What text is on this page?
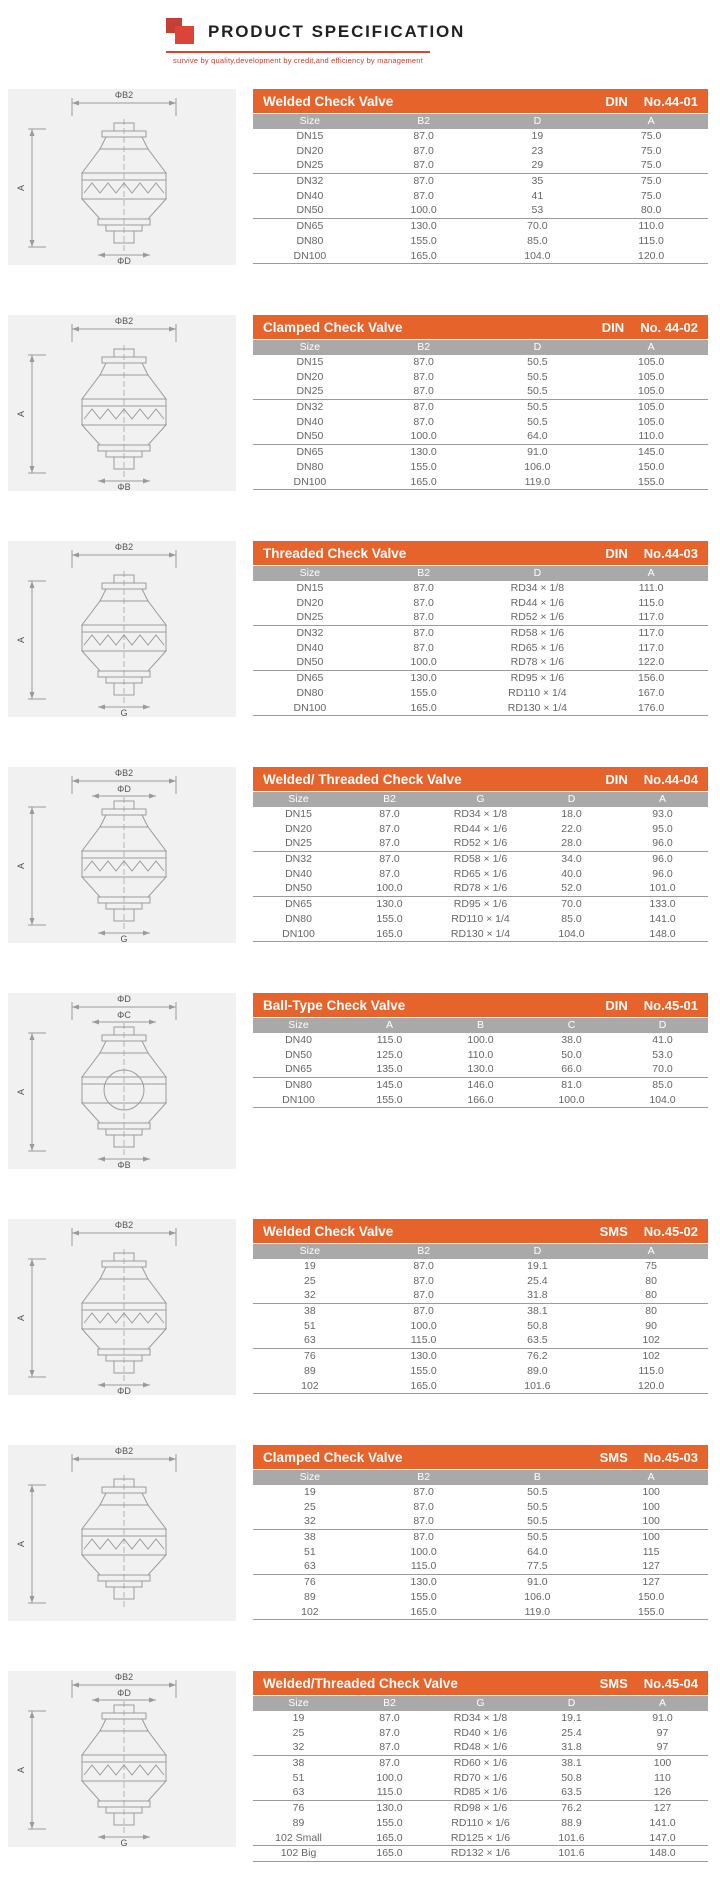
PRODUCT SPECIFICATION
survive by quality,development by credit,and efficiency by management
ΦB2
A
ΦD
Welded Check Valve	DIN No.44-01
Size	B2	D	A
DN15	87.0	19	75.0
DN20	87.0	23	75.0
DN25	87.0	29	75.0
DN32	87.0	35	75.0
DN40	87.0	41	75.0
DN50	100.0	53	80.0
DN65	130.0	70.0	110.0
DN80	155.0	85.0	115.0
DN100	165.0	104.0	120.0
ΦB2
A
ΦB
Clamped Check Valve	DIN No. 44-02
Size	B2	D	A
DN15	87.0	50.5	105.0
DN20	87.0	50.5	105.0
DN25	87.0	50.5	105.0
DN32	87.0	50.5	105.0
DN40	87.0	50.5	105.0
DN50	100.0	64.0	110.0
DN65	130.0	91.0	145.0
DN80	155.0	106.0	150.0
DN100	165.0	119.0	155.0
ΦB2
A
G
Threaded Check Valve	DIN No.44-03
Size	B2	D	A
DN15	87.0	RD34 × 1/8	111.0
DN20	87.0	RD44 × 1/6	115.0
DN25	87.0	RD52 × 1/6	117.0
DN32	87.0	RD58 × 1/6	117.0
DN40	87.0	RD65 × 1/6	117.0
DN50	100.0	RD78 × 1/6	122.0
DN65	130.0	RD95 × 1/6	156.0
DN80	155.0	RD110 × 1/4	167.0
DN100	165.0	RD130 × 1/4	176.0
ΦB2
ΦD
A
G
Welded/ Threaded Check Valve	DIN No.44-04
Size	B2	G	D	A
DN15	87.0	RD34 × 1/8	18.0	93.0
DN20	87.0	RD44 × 1/6	22.0	95.0
DN25	87.0	RD52 × 1/6	28.0	96.0
DN32	87.0	RD58 × 1/6	34.0	96.0
DN40	87.0	RD65 × 1/6	40.0	96.0
DN50	100.0	RD78 × 1/6	52.0	101.0
DN65	130.0	RD95 × 1/6	70.0	133.0
DN80	155.0	RD110 × 1/4	85.0	141.0
DN100	165.0	RD130 × 1/4	104.0	148.0
ΦD
ΦC
A
ΦB
Ball-Type Check Valve	DIN No.45-01
Size	A	B	C	D
DN40	115.0	100.0	38.0	41.0
DN50	125.0	110.0	50.0	53.0
DN65	135.0	130.0	66.0	70.0
DN80	145.0	146.0	81.0	85.0
DN100	155.0	166.0	100.0	104.0
ΦB2
A
ΦD
Welded Check Valve	SMS No.45-02
Size	B2	D	A
19	87.0	19.1	75
25	87.0	25.4	80
32	87.0	31.8	80
38	87.0	38.1	80
51	100.0	50.8	90
63	115.0	63.5	102
76	130.0	76.2	102
89	155.0	89.0	115.0
102	165.0	101.6	120.0
ΦB2
A
Clamped Check Valve	SMS No.45-03
Size	B2	B	A
19	87.0	50.5	100
25	87.0	50.5	100
32	87.0	50.5	100
38	87.0	50.5	100
51	100.0	64.0	115
63	115.0	77.5	127
76	130.0	91.0	127
89	155.0	106.0	150.0
102	165.0	119.0	155.0
ΦB2
ΦD
A
G
Welded/Threaded Check Valve	SMS No.45-04
Size	B2	G	D	A
19	87.0	RD34 × 1/8	19.1	91.0
25	87.0	RD40 × 1/6	25.4	97
32	87.0	RD48 × 1/6	31.8	97
38	87.0	RD60 × 1/6	38.1	100
51	100.0	RD70 × 1/6	50.8	110
63	115.0	RD85 × 1/6	63.5	126
76	130.0	RD98 × 1/6	76.2	127
89	155.0	RD110 × 1/6	88.9	141.0
102 Small	165.0	RD125 × 1/6	101.6	147.0
102 Big	165.0	RD132 × 1/6	101.6	148.0
